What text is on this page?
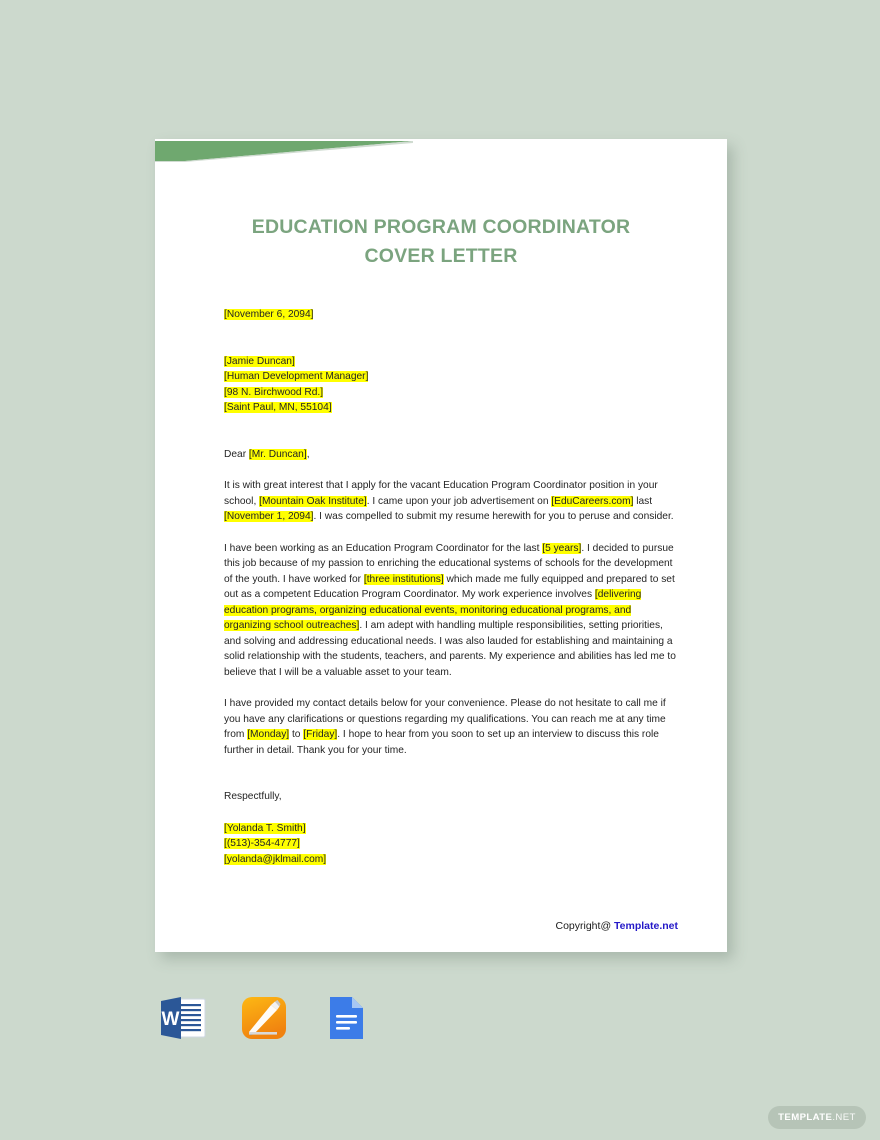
EDUCATION PROGRAM COORDINATOR
COVER LETTER
[November 6, 2094]
[Jamie Duncan]
[Human Development Manager]
[98 N. Birchwood Rd.]
[Saint Paul, MN, 55104]
Dear [Mr. Duncan],
It is with great interest that I apply for the vacant Education Program Coordinator position in your school, [Mountain Oak Institute]. I came upon your job advertisement on [EduCareers.com] last [November 1, 2094]. I was compelled to submit my resume herewith for you to peruse and consider.
I have been working as an Education Program Coordinator for the last [5 years]. I decided to pursue this job because of my passion to enriching the educational systems of schools for the development of the youth. I have worked for [three institutions] which made me fully equipped and prepared to set out as a competent Education Program Coordinator. My work experience involves [delivering education programs, organizing educational events, monitoring educational programs, and organizing school outreaches]. I am adept with handling multiple responsibilities, setting priorities, and solving and addressing educational needs. I was also lauded for establishing and maintaining a solid relationship with the students, teachers, and parents. My experience and abilities has led me to believe that I will be a valuable asset to your team.
I have provided my contact details below for your convenience. Please do not hesitate to call me if you have any clarifications or questions regarding my qualifications. You can reach me at any time from [Monday] to [Friday]. I hope to hear from you soon to set up an interview to discuss this role further in detail. Thank you for your time.
Respectfully,
[Yolanda T. Smith]
[(513)-354-4777]
[yolanda@jklmail.com]
Copyright@ Template.net
W
TEMPLATE .NET
